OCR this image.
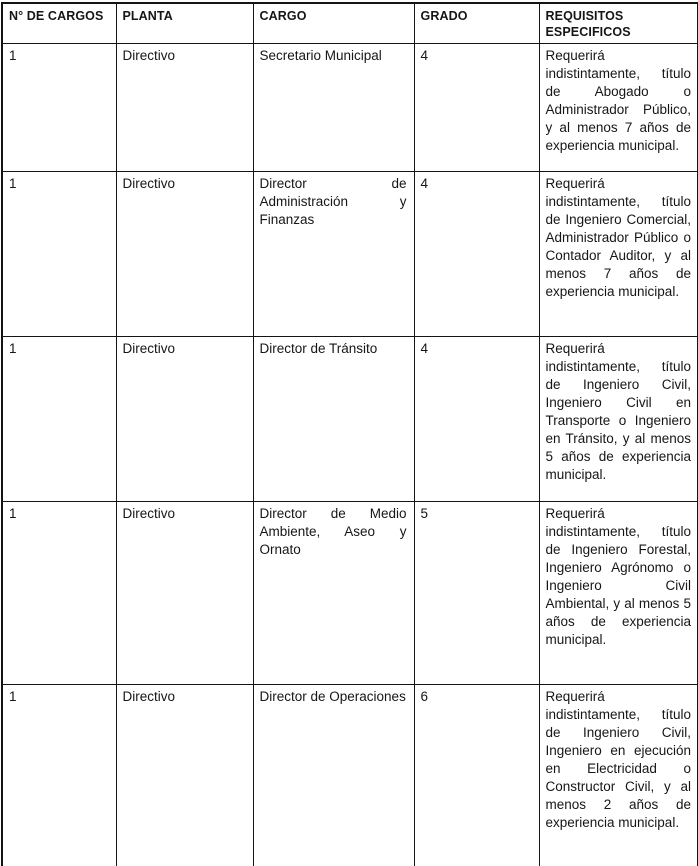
N° DE CARGOS	PLANTA	CARGO	GRADO	REQUISITOS ESPECIFICOS
1	Directivo	Secretario Municipal	4	Requerirá indistintamente, título de Abogado o Administrador Público, y al menos 7 años de experiencia municipal.
1	Directivo	Director de Administración y Finanzas	4	Requerirá indistintamente, título de Ingeniero Comercial, Administrador Público o Contador Auditor, y al menos 7 años de experiencia municipal.
1	Directivo	Director de Tránsito	4	Requerirá indistintamente, título de Ingeniero Civil, Ingeniero Civil en Transporte o Ingeniero en Tránsito, y al menos 5 años de experiencia municipal.
1	Directivo	Director de Medio Ambiente, Aseo y Ornato	5	Requerirá indistintamente, título de Ingeniero Forestal, Ingeniero Agrónomo o Ingeniero Civil Ambiental, y al menos 5 años de experiencia municipal.
1	Directivo	Director de Operaciones	6	Requerirá indistintamente, título de Ingeniero Civil, Ingeniero en ejecución en Electricidad o Constructor Civil, y al menos 2 años de experiencia municipal.
